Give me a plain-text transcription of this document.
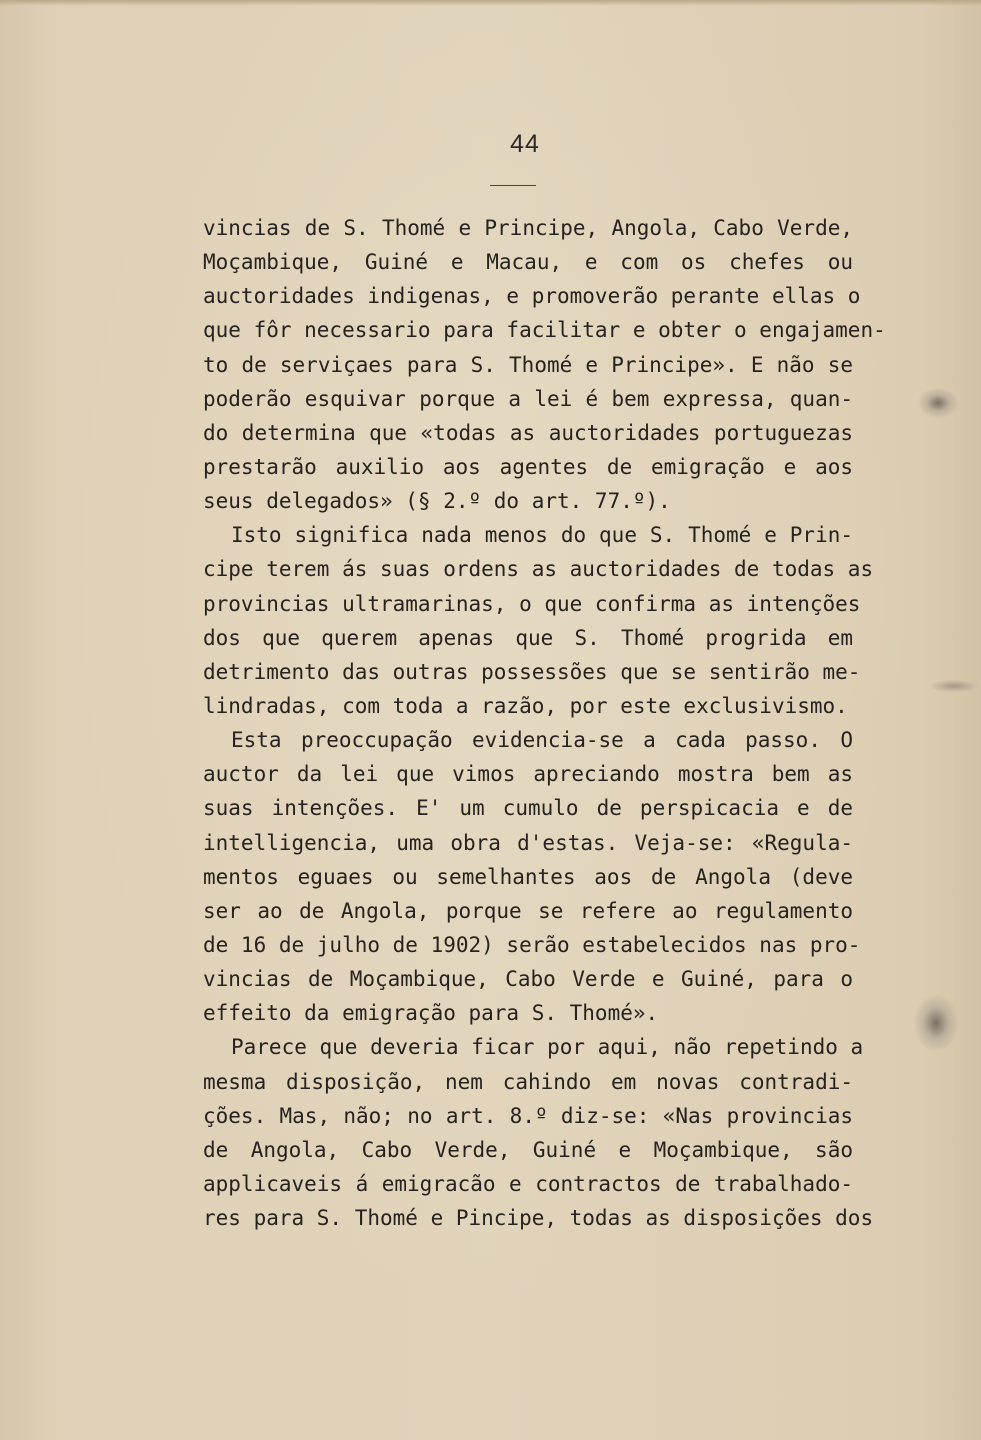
44
vincias de S. Thomé e Principe, Angola, Cabo Verde,
Moçambique, Guiné e Macau, e com os chefes ou
auctoridades indigenas, e promoverão perante ellas o
que fôr necessario para facilitar e obter o engajamen-
to de serviçaes para S. Thomé e Principe». E não se
poderão esquivar porque a lei é bem expressa, quan-
do determina que «todas as auctoridades portuguezas
prestarão auxilio aos agentes de emigração e aos
seus delegados» (§ 2.º do art. 77.º).
Isto significa nada menos do que S. Thomé e Prin-
cipe terem ás suas ordens as auctoridades de todas as
provincias ultramarinas, o que confirma as intenções
dos que querem apenas que S. Thomé progrida em
detrimento das outras possessões que se sentirão me-
lindradas, com toda a razão, por este exclusivismo.
Esta preoccupação evidencia-se a cada passo. O
auctor da lei que vimos apreciando mostra bem as
suas intenções. E' um cumulo de perspicacia e de
intelligencia, uma obra d'estas. Veja-se: «Regula-
mentos eguaes ou semelhantes aos de Angola (deve
ser ao de Angola, porque se refere ao regulamento
de 16 de julho de 1902) serão estabelecidos nas pro-
vincias de Moçambique, Cabo Verde e Guiné, para o
effeito da emigração para S. Thomé».
Parece que deveria ficar por aqui, não repetindo a
mesma disposição, nem cahindo em novas contradi-
ções. Mas, não; no art. 8.º diz-se: «Nas provincias
de Angola, Cabo Verde, Guiné e Moçambique, são
applicaveis á emigracão e contractos de trabalhado-
res para S. Thomé e Pincipe, todas as disposições dos
